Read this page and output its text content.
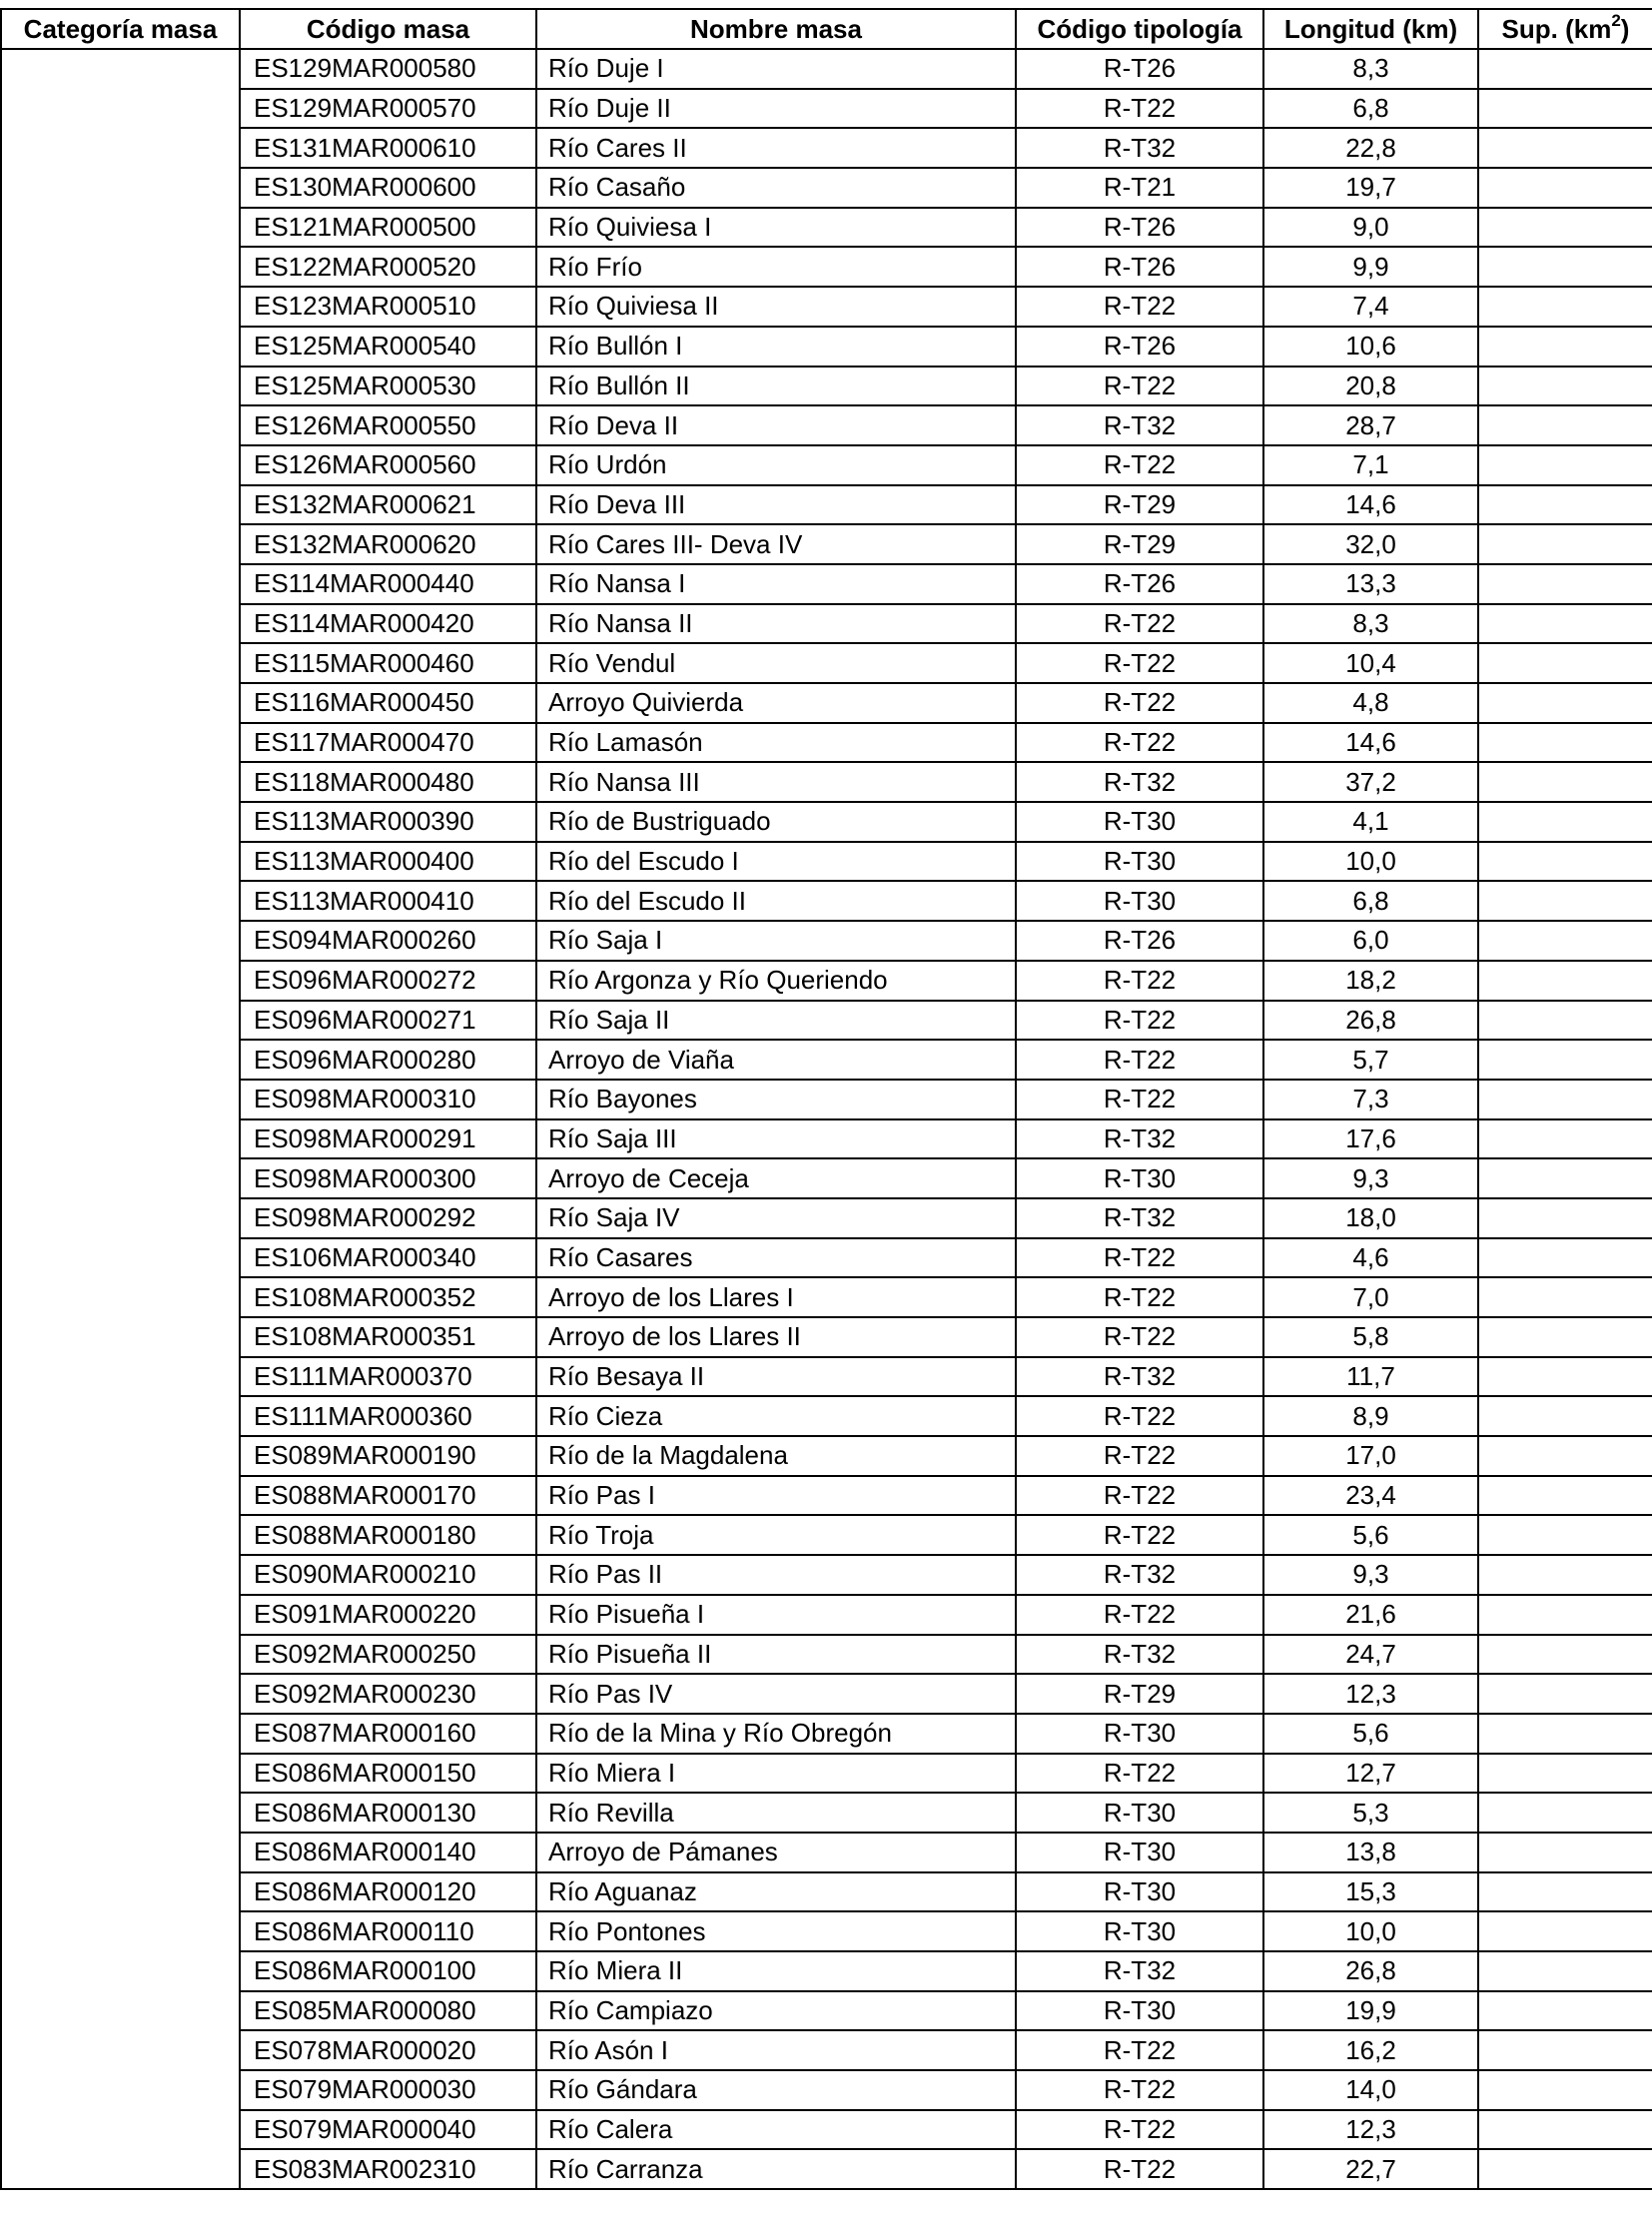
Categoría masa	Código masa	Nombre masa	Código tipología	Longitud (km)	Sup. $(km^2)$
	ES129MAR000580	Río Duje I	R-T26	8,3	
	ES129MAR000570	Río Duje II	R-T22	6,8	
	ES131MAR000610	Río Cares II	R-T32	22,8	
	ES130MAR000600	Río Casaño	R-T21	19,7	
	ES121MAR000500	Río Quiviesa I	R-T26	9,0	
	ES122MAR000520	Río Frío	R-T26	9,9	
	ES123MAR000510	Río Quiviesa II	R-T22	7,4	
	ES125MAR000540	Río Bullón I	R-T26	10,6	
	ES125MAR000530	Río Bullón II	R-T22	20,8	
	ES126MAR000550	Río Deva II	R-T32	28,7	
	ES126MAR000560	Río Urdón	R-T22	7,1	
	ES132MAR000621	Río Deva III	R-T29	14,6	
	ES132MAR000620	Río Cares III- Deva IV	R-T29	32,0	
	ES114MAR000440	Río Nansa I	R-T26	13,3	
	ES114MAR000420	Río Nansa II	R-T22	8,3	
	ES115MAR000460	Río Vendul	R-T22	10,4	
	ES116MAR000450	Arroyo Quivierda	R-T22	4,8	
	ES117MAR000470	Río Lamasón	R-T22	14,6	
	ES118MAR000480	Río Nansa III	R-T32	37,2	
	ES113MAR000390	Río de Bustriguado	R-T30	4,1	
	ES113MAR000400	Río del Escudo I	R-T30	10,0	
	ES113MAR000410	Río del Escudo II	R-T30	6,8	
	ES094MAR000260	Río Saja I	R-T26	6,0	
	ES096MAR000272	Río Argonza y Río Queriendo	R-T22	18,2	
	ES096MAR000271	Río Saja II	R-T22	26,8	
	ES096MAR000280	Arroyo de Viaña	R-T22	5,7	
	ES098MAR000310	Río Bayones	R-T22	7,3	
	ES098MAR000291	Río Saja III	R-T32	17,6	
	ES098MAR000300	Arroyo de Ceceja	R-T30	9,3	
	ES098MAR000292	Río Saja IV	R-T32	18,0	
	ES106MAR000340	Río Casares	R-T22	4,6	
	ES108MAR000352	Arroyo de los Llares I	R-T22	7,0	
	ES108MAR000351	Arroyo de los Llares II	R-T22	5,8	
	ES111MAR000370	Río Besaya II	R-T32	11,7	
	ES111MAR000360	Río Cieza	R-T22	8,9	
	ES089MAR000190	Río de la Magdalena	R-T22	17,0	
	ES088MAR000170	Río Pas I	R-T22	23,4	
	ES088MAR000180	Río Troja	R-T22	5,6	
	ES090MAR000210	Río Pas II	R-T32	9,3	
	ES091MAR000220	Río Pisueña I	R-T22	21,6	
	ES092MAR000250	Río Pisueña II	R-T32	24,7	
	ES092MAR000230	Río Pas IV	R-T29	12,3	
	ES087MAR000160	Río de la Mina y Río Obregón	R-T30	5,6	
	ES086MAR000150	Río Miera I	R-T22	12,7	
	ES086MAR000130	Río Revilla	R-T30	5,3	
	ES086MAR000140	Arroyo de Pámanes	R-T30	13,8	
	ES086MAR000120	Río Aguanaz	R-T30	15,3	
	ES086MAR000110	Río Pontones	R-T30	10,0	
	ES086MAR000100	Río Miera II	R-T32	26,8	
	ES085MAR000080	Río Campiazo	R-T30	19,9	
	ES078MAR000020	Río Asón I	R-T22	16,2	
	ES079MAR000030	Río Gándara	R-T22	14,0	
	ES079MAR000040	Río Calera	R-T22	12,3	
	ES083MAR002310	Río Carranza	R-T22	22,7	
